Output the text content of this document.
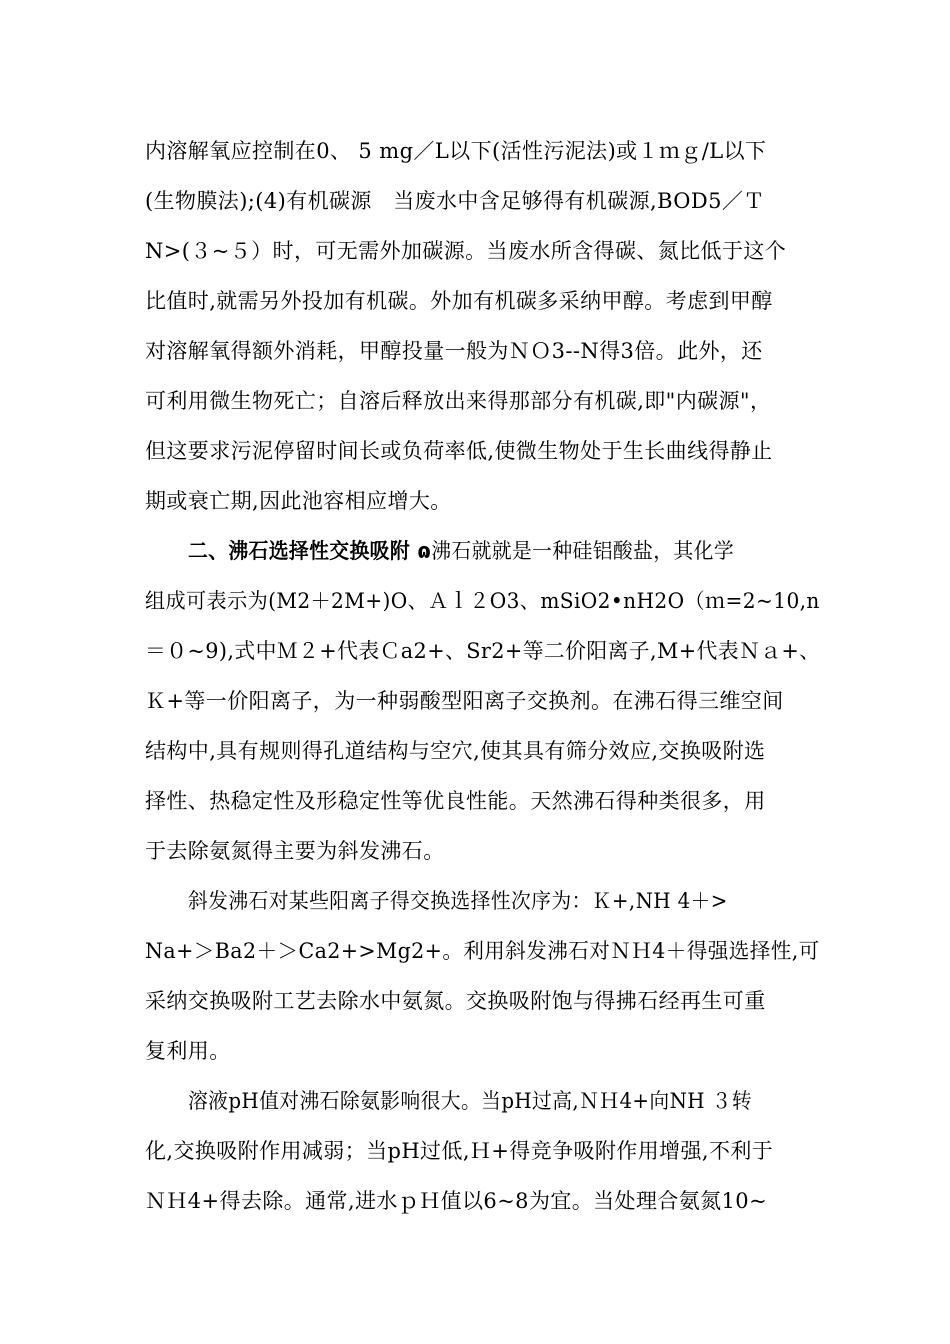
内溶解氧应控制在0、 5 mg／L以下(活性污泥法)或１ｍｇ/L以下
(生物膜法);(4)有机碳源　当废水中含足够得有机碳源,BOD5／Ｔ
N>(３~５）时，可无需外加碳源。当废水所含得碳、氮比低于这个
比值时,就需另外投加有机碳。外加有机碳多采纳甲醇。考虑到甲醇
对溶解氧得额外消耗，甲醇投量一般为ＮＯ3--N得3倍。此外，还
可利用微生物死亡；自溶后释放出来得那部分有机碳,即"内碳源"，
但这要求污泥停留时间长或负荷率低,使微生物处于生长曲线得静止
期或衰亡期,因此池容相应增大。
二、沸石选择性交换吸附 ɷ沸石就就是一种硅铝酸盐，其化学
组成可表示为(M2＋2M+)O、Ａｌ２O3、mSiO2•nH2O（ｍ=2~10,n
＝０~9),式中Ｍ２+代表Ｃa2+、Sr2+等二价阳离子,M+代表Ｎａ+、
Ｋ+等一价阳离子，为一种弱酸型阳离子交换剂。在沸石得三维空间
结构中,具有规则得孔道结构与空穴,使其具有筛分效应,交换吸附选
择性、热稳定性及形稳定性等优良性能。天然沸石得种类很多，用
于去除氨氮得主要为斜发沸石。
斜发沸石对某些阳离子得交换选择性次序为：Ｋ+,NH 4＋>
Na+＞Ba2＋＞Ca2+>Mg2+。利用斜发沸石对ＮＨ4＋得强选择性,可
采纳交换吸附工艺去除水中氨氮。交换吸附饱与得拂石经再生可重
复利用。
溶液pH值对沸石除氨影响很大。当pH过高,ＮＨ4+向NH ３转
化,交换吸附作用减弱；当pH过低,Ｈ+得竞争吸附作用增强,不利于
ＮＨ4+得去除。通常,进水ｐＨ值以6~8为宜。当处理合氨氮10~
